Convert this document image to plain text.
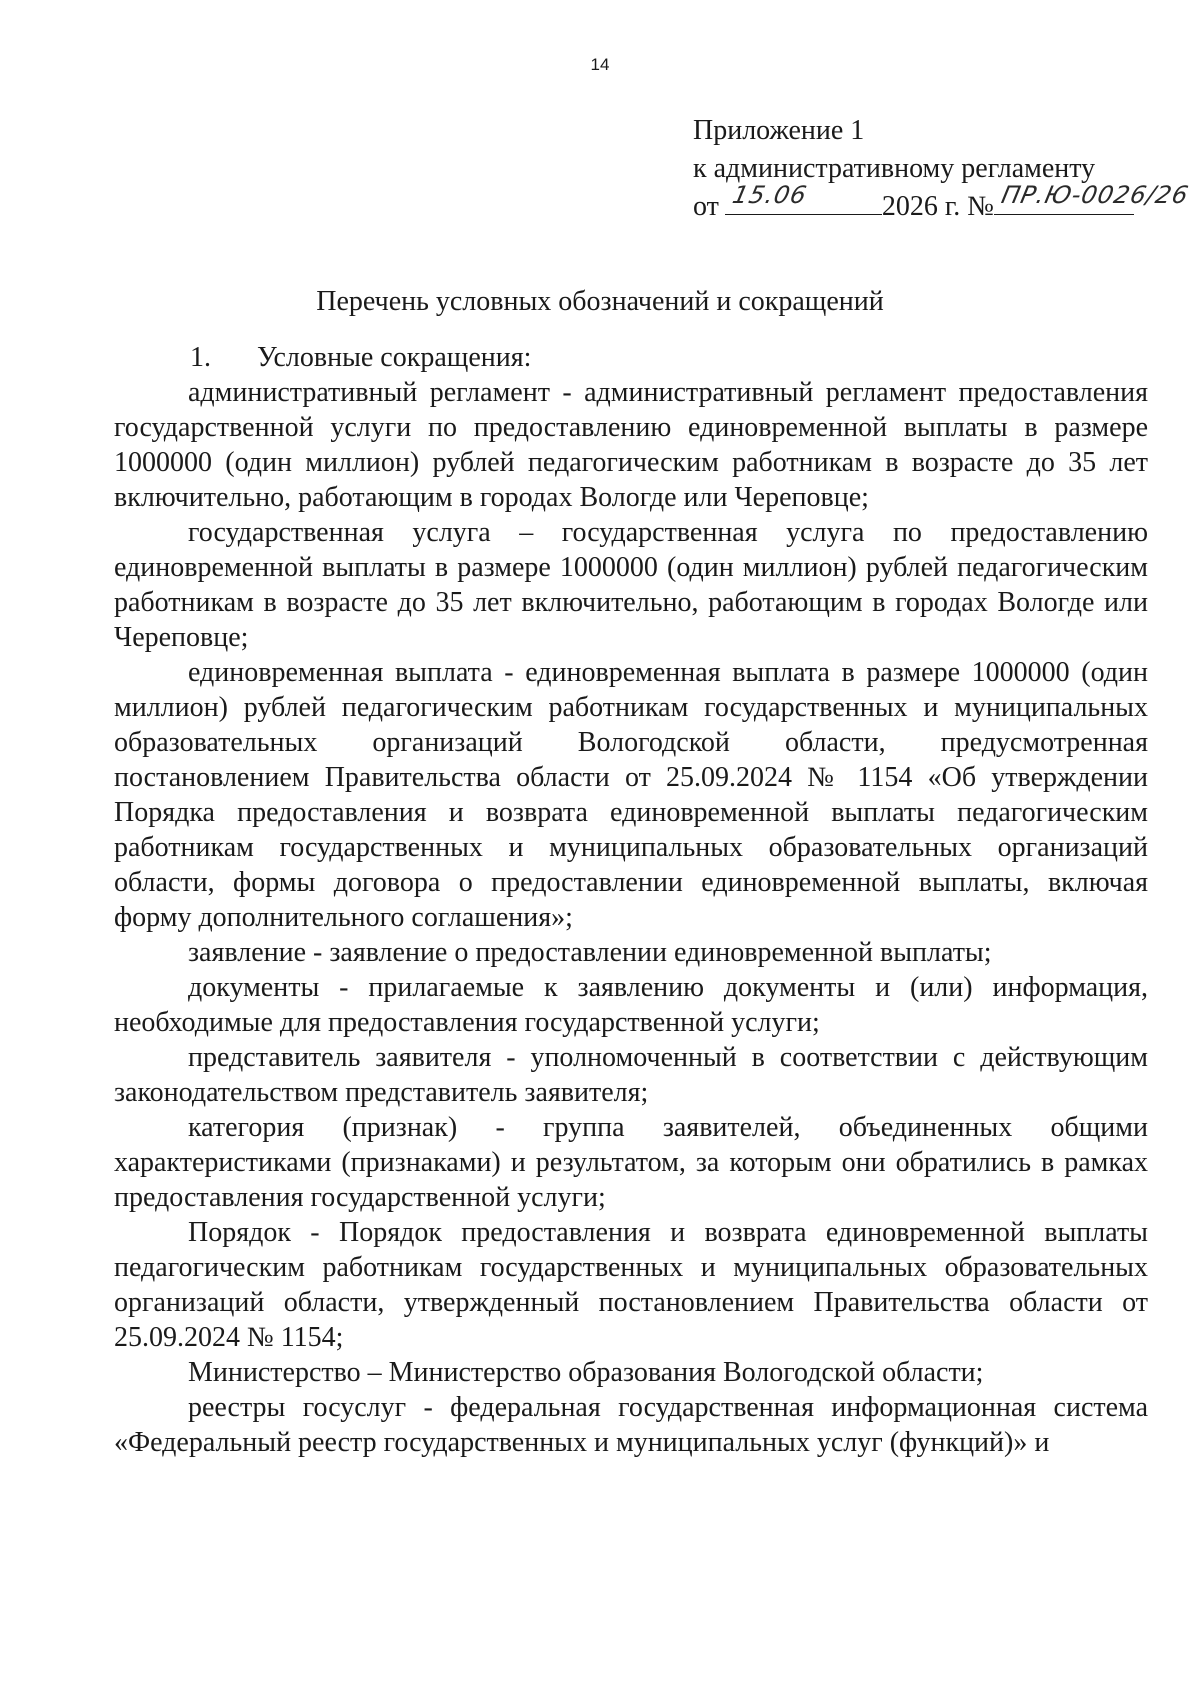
14
Приложение 1
к административному регламенту
от 15.06	2026 г. № ПР.Ю-0026/26
Перечень условных обозначений и сокращений
1. Условные сокращения:

административный регламент - административный регламент предоставления государственной услуги по предоставлению единовременной выплаты в размере 1000000 (один миллион) рублей педагогическим работникам в возрасте до 35 лет включительно, работающим в городах Вологде или Череповце;

государственная услуга – государственная услуга по предоставлению единовременной выплаты в размере 1000000 (один миллион) рублей педагогическим работникам в возрасте до 35 лет включительно, работающим в городах Вологде или Череповце;

единовременная выплата - единовременная выплата в размере 1000000 (один миллион) рублей педагогическим работникам государственных и муниципальных образовательных организаций Вологодской области, предусмотренная постановлением Правительства области от 25.09.2024 № 1154 «Об утверждении Порядка предоставления и возврата единовременной выплаты педагогическим работникам государственных и муниципальных образовательных организаций области, формы договора о предоставлении единовременной выплаты, включая форму дополнительного соглашения»;

заявление - заявление о предоставлении единовременной выплаты;

документы - прилагаемые к заявлению документы и (или) информация, необходимые для предоставления государственной услуги;

представитель заявителя - уполномоченный в соответствии с действующим законодательством представитель заявителя;

категория (признак) - группа заявителей, объединенных общими характеристиками (признаками) и результатом, за которым они обратились в рамках предоставления государственной услуги;

Порядок - Порядок предоставления и возврата единовременной выплаты педагогическим работникам государственных и муниципальных образовательных организаций области, утвержденный постановлением Правительства области от 25.09.2024 № 1154;

Министерство – Министерство образования Вологодской области;

реестры госуслуг - федеральная государственная информационная система «Федеральный реестр государственных и муниципальных услуг (функций)» и
